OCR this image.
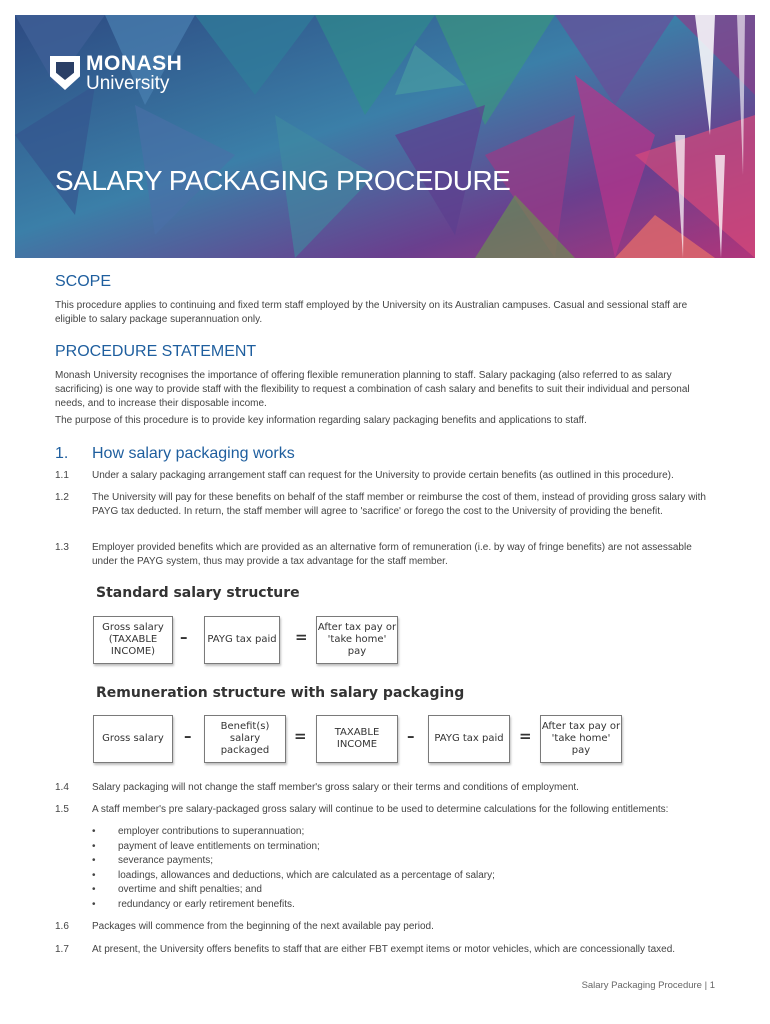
MONASH
University
SALARY PACKAGING PROCEDURE
SCOPE

This procedure applies to continuing and fixed term staff employed by the University on its Australian campuses. Casual and sessional staff are eligible to salary package superannuation only.

PROCEDURE STATEMENT

Monash University recognises the importance of offering flexible remuneration planning to staff. Salary packaging (also referred to as salary sacrificing) is one way to provide staff with the flexibility to request a combination of cash salary and benefits to suit their individual and personal needs, and to increase their disposable income.

The purpose of this procedure is to provide key information regarding salary packaging benefits and applications to staff.

1.	How salary packaging works
1.1	Under a salary packaging arrangement staff can request for the University to provide certain benefits (as outlined in this procedure).
1.2	The University will pay for these benefits on behalf of the staff member or reimburse the cost of them, instead of providing gross salary with PAYG tax deducted. In return, the staff member will agree to 'sacrifice' or forego the cost to the University of providing the benefit.
1.3	Employer provided benefits which are provided as an alternative form of remuneration (i.e. by way of fringe benefits) are not assessable under the PAYG system, thus may provide a tax advantage for the staff member.
Standard salary structure
Gross salary
(TAXABLE
INCOME)
–	PAYG tax paid =
After tax pay or
'take home' pay
Remuneration structure with salary packaging
Gross salary	–
Benefit(s) salary
packaged
=	TAXABLE
INCOME	–	PAYG tax paid	=
After tax pay or
'take home' pay
1.4	Salary packaging will not change the staff member's gross salary or their terms and conditions of employment.
1.5	A staff member's pre salary-packaged gross salary will continue to be used to determine calculations for the following entitlements:
• employer contributions to superannuation;
• payment of leave entitlements on termination;
• severance payments;
• loadings, allowances and deductions, which are calculated as a percentage of salary;
• overtime and shift penalties; and
• redundancy or early retirement benefits.
1.6	Packages will commence from the beginning of the next available pay period.
1.7	At present, the University offers benefits to staff that are either FBT exempt items or motor vehicles, which are concessionally taxed.
Salary Packaging Procedure | 1
